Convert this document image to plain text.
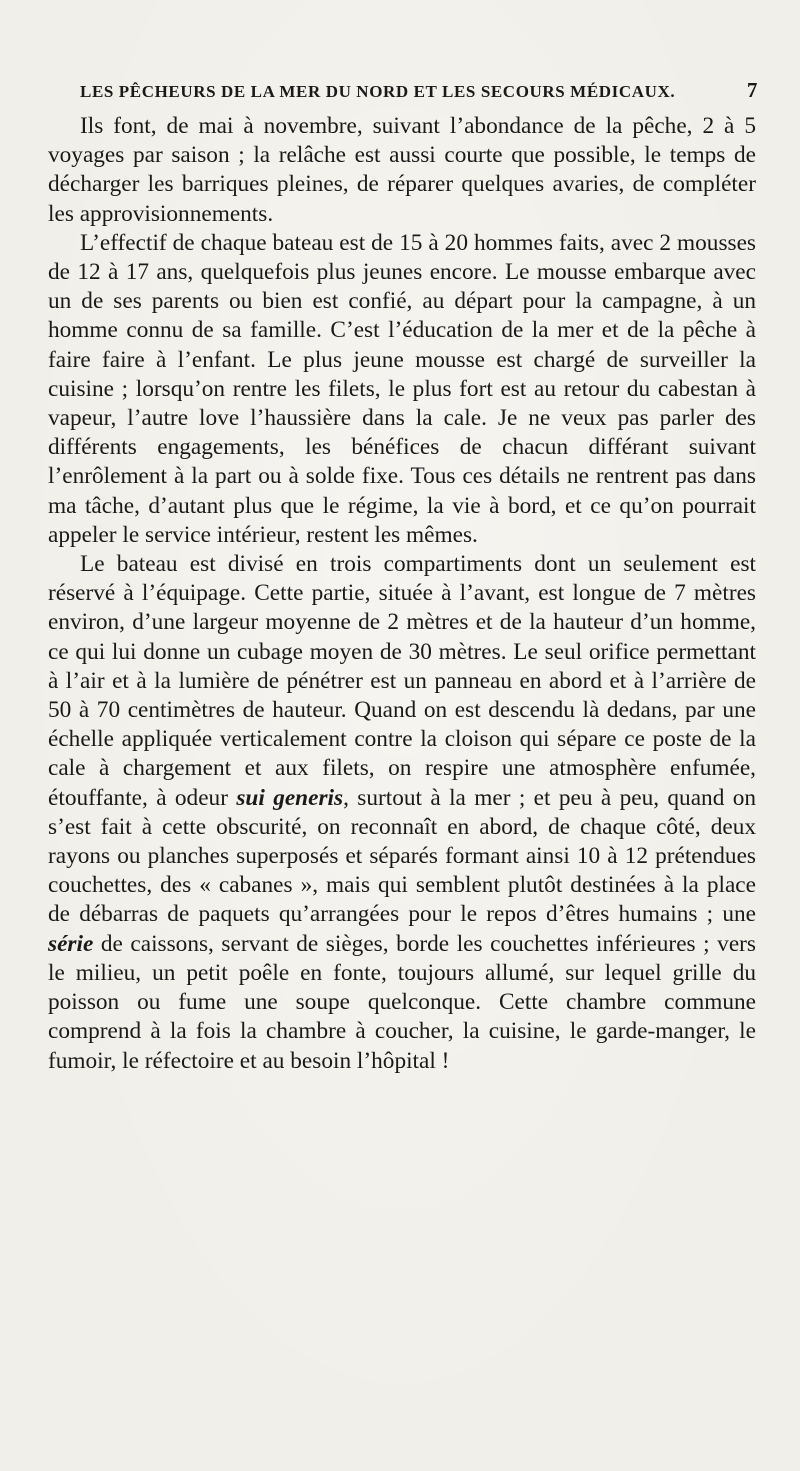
LES PÊCHEURS DE LA MER DU NORD ET LES SECOURS MÉDICAUX.	7

Ils font, de mai à novembre, suivant l’abondance de la pêche, 2 à 5 voyages par saison ; la relâche est aussi courte que possible, le temps de décharger les barriques pleines, de réparer quelques avaries, de compléter les approvisionnements.

L’effectif de chaque bateau est de 15 à 20 hommes faits, avec 2 mousses de 12 à 17 ans, quelquefois plus jeunes encore. Le mousse embarque avec un de ses parents ou bien est confié, au départ pour la campagne, à un homme connu de sa famille. C’est l’éducation de la mer et de la pêche à faire faire à l’enfant. Le plus jeune mousse est chargé de surveiller la cuisine ; lorsqu’on rentre les filets, le plus fort est au retour du cabestan à vapeur, l’autre love l’haussière dans la cale. Je ne veux pas parler des différents engagements, les bénéfices de chacun différant suivant l’enrôlement à la part ou à solde fixe. Tous ces détails ne rentrent pas dans ma tâche, d’autant plus que le régime, la vie à bord, et ce qu’on pourrait appeler le service intérieur, restent les mêmes.

Le bateau est divisé en trois compartiments dont un seulement est réservé à l’équipage. Cette partie, située à l’avant, est longue de 7 mètres environ, d’une largeur moyenne de 2 mètres et de la hauteur d’un homme, ce qui lui donne un cubage moyen de 30 mètres. Le seul orifice permettant à l’air et à la lumière de pénétrer est un panneau en abord et à l’arrière de 50 à 70 centimètres de hauteur. Quand on est descendu là dedans, par une échelle appliquée verticalement contre la cloison qui sépare ce poste de la cale à chargement et aux filets, on respire une atmosphère enfumée, étouffante, à odeur sui generis, surtout à la mer ; et peu à peu, quand on s’est fait à cette obscurité, on reconnaît en abord, de chaque côté, deux rayons ou planches superposés et séparés formant ainsi 10 à 12 prétendues couchettes, des « cabanes », mais qui semblent plutôt destinées à la place de débarras de paquets qu’arrangées pour le repos d’êtres humains ; une série de caissons, servant de sièges, borde les couchettes inférieures ; vers le milieu, un petit poêle en fonte, toujours allumé, sur lequel grille du poisson ou fume une soupe quelconque. Cette chambre commune comprend à la fois la chambre à coucher, la cuisine, le garde-manger, le fumoir, le réfectoire et au besoin l’hôpital !
